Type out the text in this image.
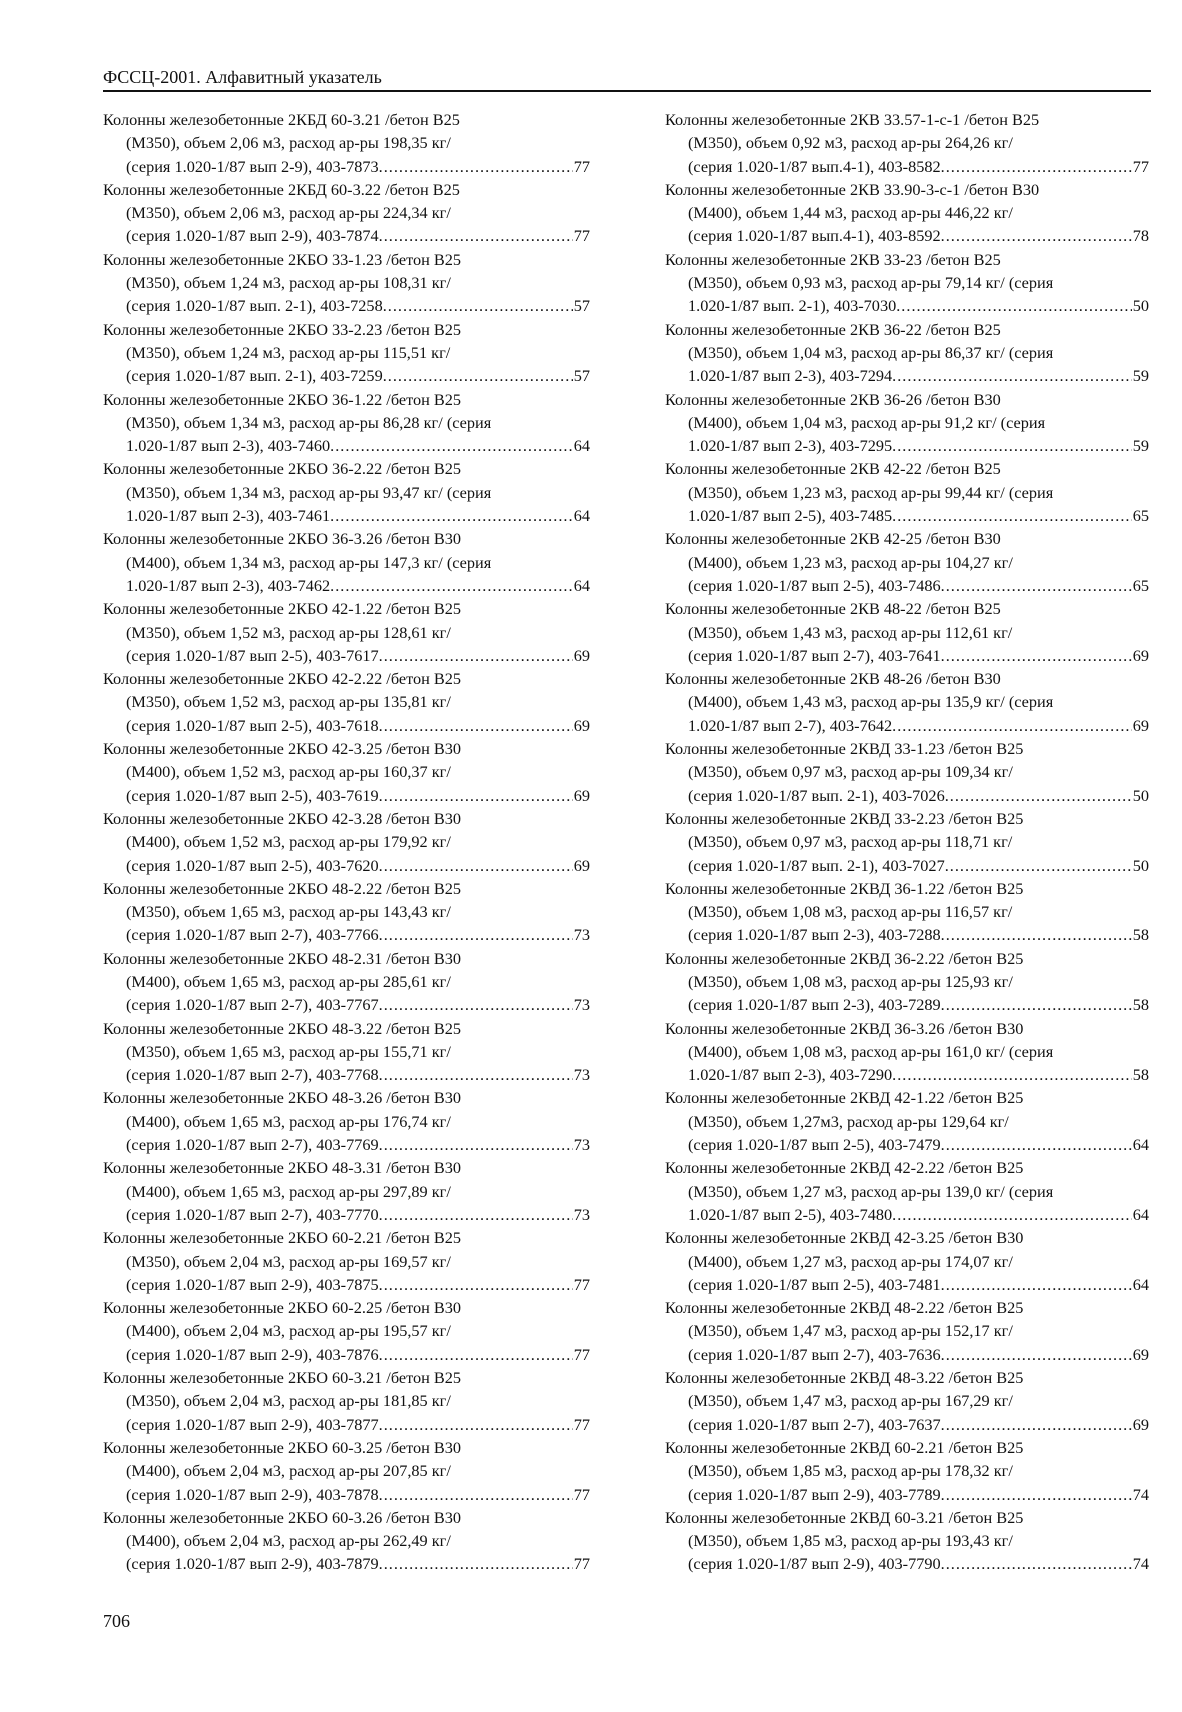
ФССЦ-2001. Алфавитный указатель
Колонны железобетонные 2КБД 60-3.21 /бетон В25
(М350), объем 2,06 м3, расход ар-ры 198,35 кг/
(серия 1.020-1/87 вып 2-9), 403-7873 .....	77
Колонны железобетонные 2КБД 60-3.22 /бетон В25
(М350), объем 2,06 м3, расход ар-ры 224,34 кг/
(серия 1.020-1/87 вып 2-9), 403-7874 .....	77
Колонны железобетонные 2КБО 33-1.23 /бетон В25
(М350), объем 1,24 м3, расход ар-ры 108,31 кг/
(серия 1.020-1/87 вып. 2-1), 403-7258 .....	57
Колонны железобетонные 2КБО 33-2.23 /бетон В25
(М350), объем 1,24 м3, расход ар-ры 115,51 кг/
(серия 1.020-1/87 вып. 2-1), 403-7259 .....	57
Колонны железобетонные 2КБО 36-1.22 /бетон В25
(М350), объем 1,34 м3, расход ар-ры 86,28 кг/ (серия
1.020-1/87 вып 2-3), 403-7460 .....	64
Колонны железобетонные 2КБО 36-2.22 /бетон В25
(М350), объем 1,34 м3, расход ар-ры 93,47 кг/ (серия
1.020-1/87 вып 2-3), 403-7461 .....	64
Колонны железобетонные 2КБО 36-3.26 /бетон В30
(М400), объем 1,34 м3, расход ар-ры 147,3 кг/ (серия
1.020-1/87 вып 2-3), 403-7462 .....	64
Колонны железобетонные 2КБО 42-1.22 /бетон В25
(М350), объем 1,52 м3, расход ар-ры 128,61 кг/
(серия 1.020-1/87 вып 2-5), 403-7617 .....	69
Колонны железобетонные 2КБО 42-2.22 /бетон В25
(М350), объем 1,52 м3, расход ар-ры 135,81 кг/
(серия 1.020-1/87 вып 2-5), 403-7618 .....	69
Колонны железобетонные 2КБО 42-3.25 /бетон В30
(М400), объем 1,52 м3, расход ар-ры 160,37 кг/
(серия 1.020-1/87 вып 2-5), 403-7619 .....	69
Колонны железобетонные 2КБО 42-3.28 /бетон В30
(М400), объем 1,52 м3, расход ар-ры 179,92 кг/
(серия 1.020-1/87 вып 2-5), 403-7620 .....	69
Колонны железобетонные 2КБО 48-2.22 /бетон В25
(М350), объем 1,65 м3, расход ар-ры 143,43 кг/
(серия 1.020-1/87 вып 2-7), 403-7766 .....	73
Колонны железобетонные 2КБО 48-2.31 /бетон В30
(М400), объем 1,65 м3, расход ар-ры 285,61 кг/
(серия 1.020-1/87 вып 2-7), 403-7767 .....	73
Колонны железобетонные 2КБО 48-3.22 /бетон В25
(М350), объем 1,65 м3, расход ар-ры 155,71 кг/
(серия 1.020-1/87 вып 2-7), 403-7768 .....	73
Колонны железобетонные 2КБО 48-3.26 /бетон В30
(М400), объем 1,65 м3, расход ар-ры 176,74 кг/
(серия 1.020-1/87 вып 2-7), 403-7769 .....	73
Колонны железобетонные 2КБО 48-3.31 /бетон В30
(М400), объем 1,65 м3, расход ар-ры 297,89 кг/
(серия 1.020-1/87 вып 2-7), 403-7770 .....	73
Колонны железобетонные 2КБО 60-2.21 /бетон В25
(М350), объем 2,04 м3, расход ар-ры 169,57 кг/
(серия 1.020-1/87 вып 2-9), 403-7875 .....	77
Колонны железобетонные 2КБО 60-2.25 /бетон В30
(М400), объем 2,04 м3, расход ар-ры 195,57 кг/
(серия 1.020-1/87 вып 2-9), 403-7876 .....	77
Колонны железобетонные 2КБО 60-3.21 /бетон В25
(М350), объем 2,04 м3, расход ар-ры 181,85 кг/
(серия 1.020-1/87 вып 2-9), 403-7877 .....	77
Колонны железобетонные 2КБО 60-3.25 /бетон В30
(М400), объем 2,04 м3, расход ар-ры 207,85 кг/
(серия 1.020-1/87 вып 2-9), 403-7878 .....	77
Колонны железобетонные 2КБО 60-3.26 /бетон В30
(М400), объем 2,04 м3, расход ар-ры 262,49 кг/
(серия 1.020-1/87 вып 2-9), 403-7879 .....	77
Колонны железобетонные 2КВ 33.57-1-с-1 /бетон В25
(М350), объем 0,92 м3, расход ар-ры 264,26 кг/
(серия 1.020-1/87 вып.4-1), 403-8582 .....	77
Колонны железобетонные 2КВ 33.90-3-с-1 /бетон В30
(М400), объем 1,44 м3, расход ар-ры 446,22 кг/
(серия 1.020-1/87 вып.4-1), 403-8592 .....	78
Колонны железобетонные 2КВ 33-23 /бетон В25
(М350), объем 0,93 м3, расход ар-ры 79,14 кг/ (серия
1.020-1/87 вып. 2-1), 403-7030 .....	50
Колонны железобетонные 2КВ 36-22 /бетон В25
(М350), объем 1,04 м3, расход ар-ры 86,37 кг/ (серия
1.020-1/87 вып 2-3), 403-7294 .....	59
Колонны железобетонные 2КВ 36-26 /бетон В30
(М400), объем 1,04 м3, расход ар-ры 91,2 кг/ (серия
1.020-1/87 вып 2-3), 403-7295 .....	59
Колонны железобетонные 2КВ 42-22 /бетон В25
(М350), объем 1,23 м3, расход ар-ры 99,44 кг/ (серия
1.020-1/87 вып 2-5), 403-7485 .....	65
Колонны железобетонные 2КВ 42-25 /бетон В30
(М400), объем 1,23 м3, расход ар-ры 104,27 кг/
(серия 1.020-1/87 вып 2-5), 403-7486 .....	65
Колонны железобетонные 2КВ 48-22 /бетон В25
(М350), объем 1,43 м3, расход ар-ры 112,61 кг/
(серия 1.020-1/87 вып 2-7), 403-7641 .....	69
Колонны железобетонные 2КВ 48-26 /бетон В30
(М400), объем 1,43 м3, расход ар-ры 135,9 кг/ (серия
1.020-1/87 вып 2-7), 403-7642 .....	69
Колонны железобетонные 2КВД 33-1.23 /бетон В25
(М350), объем 0,97 м3, расход ар-ры 109,34 кг/
(серия 1.020-1/87 вып. 2-1), 403-7026 .....	50
Колонны железобетонные 2КВД 33-2.23 /бетон В25
(М350), объем 0,97 м3, расход ар-ры 118,71 кг/
(серия 1.020-1/87 вып. 2-1), 403-7027 .....	50
Колонны железобетонные 2КВД 36-1.22 /бетон В25
(М350), объем 1,08 м3, расход ар-ры 116,57 кг/
(серия 1.020-1/87 вып 2-3), 403-7288 .....	58
Колонны железобетонные 2КВД 36-2.22 /бетон В25
(М350), объем 1,08 м3, расход ар-ры 125,93 кг/
(серия 1.020-1/87 вып 2-3), 403-7289 .....	58
Колонны железобетонные 2КВД 36-3.26 /бетон В30
(М400), объем 1,08 м3, расход ар-ры 161,0 кг/ (серия
1.020-1/87 вып 2-3), 403-7290 .....	58
Колонны железобетонные 2КВД 42-1.22 /бетон В25
(М350), объем 1,27м3, расход ар-ры 129,64 кг/
(серия 1.020-1/87 вып 2-5), 403-7479 .....	64
Колонны железобетонные 2КВД 42-2.22 /бетон В25
(М350), объем 1,27 м3, расход ар-ры 139,0 кг/ (серия
1.020-1/87 вып 2-5), 403-7480 .....	64
Колонны железобетонные 2КВД 42-3.25 /бетон В30
(М400), объем 1,27 м3, расход ар-ры 174,07 кг/
(серия 1.020-1/87 вып 2-5), 403-7481 .....	64
Колонны железобетонные 2КВД 48-2.22 /бетон В25
(М350), объем 1,47 м3, расход ар-ры 152,17 кг/
(серия 1.020-1/87 вып 2-7), 403-7636 .....	69
Колонны железобетонные 2КВД 48-3.22 /бетон В25
(М350), объем 1,47 м3, расход ар-ры 167,29 кг/
(серия 1.020-1/87 вып 2-7), 403-7637 .....	69
Колонны железобетонные 2КВД 60-2.21 /бетон В25
(М350), объем 1,85 м3, расход ар-ры 178,32 кг/
(серия 1.020-1/87 вып 2-9), 403-7789 .....	74
Колонны железобетонные 2КВД 60-3.21 /бетон В25
(М350), объем 1,85 м3, расход ар-ры 193,43 кг/
(серия 1.020-1/87 вып 2-9), 403-7790 .....	74
706
